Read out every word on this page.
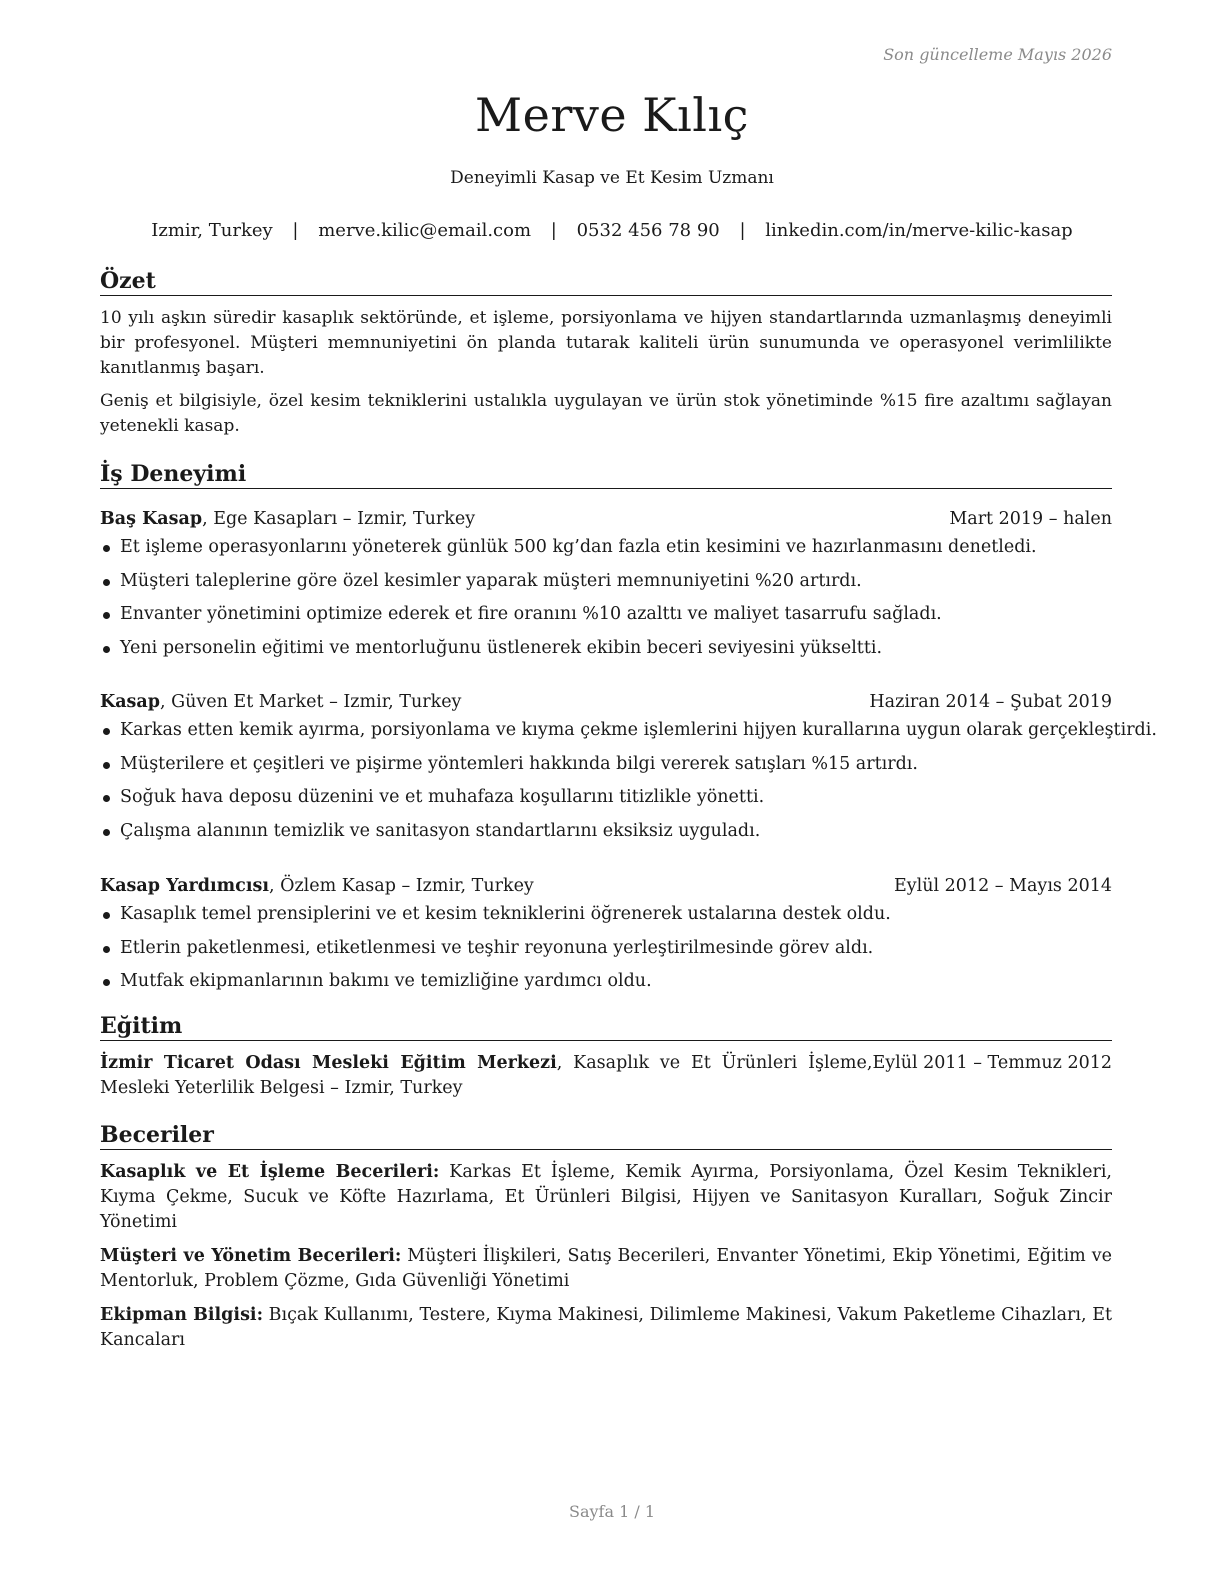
Son güncelleme Mayıs 2026
Merve Kılıç
Deneyimli Kasap ve Et Kesim Uzmanı
Izmir, Turkey | merve.kilic@email.com | 0532 456 78 90 | linkedin.com/in/merve-kilic-kasap
Özet

10 yılı aşkın süredir kasaplık sektöründe, et işleme, porsiyonlama ve hijyen standartlarında uzmanlaşmış deneyimli bir profesyonel. Müşteri memnuniyetini ön planda tutarak kaliteli ürün sunumunda ve operasyonel verimlilikte kanıtlanmış başarı.

Geniş et bilgisiyle, özel kesim tekniklerini ustalıkla uygulayan ve ürün stok yönetiminde %15 fire azaltımı sağlayan yetenekli kasap.

İş Deneyimi
Baş Kasap, Ege Kasapları – Izmir, Turkey	Mart 2019 – halen
Et işleme operasyonlarını yöneterek günlük 500 kg’dan fazla etin kesimini ve hazırlanmasını denetledi.
Müşteri taleplerine göre özel kesimler yaparak müşteri memnuniyetini %20 artırdı.
Envanter yönetimini optimize ederek et fire oranını %10 azalttı ve maliyet tasarrufu sağladı.
Yeni personelin eğitimi ve mentorluğunu üstlenerek ekibin beceri seviyesini yükseltti.
Kasap, Güven Et Market – Izmir, Turkey	Haziran 2014 – Şubat 2019
Karkas etten kemik ayırma, porsiyonlama ve kıyma çekme işlemlerini hijyen kurallarına uygun olarak gerçekleştirdi.
Müşterilere et çeşitleri ve pişirme yöntemleri hakkında bilgi vererek satışları %15 artırdı.
Soğuk hava deposu düzenini ve et muhafaza koşullarını titizlikle yönetti.
Çalışma alanının temizlik ve sanitasyon standartlarını eksiksiz uyguladı.
Kasap Yardımcısı, Özlem Kasap – Izmir, Turkey	Eylül 2012 – Mayıs 2014
Kasaplık temel prensiplerini ve et kesim tekniklerini öğrenerek ustalarına destek oldu.
Etlerin paketlenmesi, etiketlenmesi ve teşhir reyonuna yerleştirilmesinde görev aldı.
Mutfak ekipmanlarının bakımı ve temizliğine yardımcı oldu.
Eğitim
İzmir Ticaret Odası Mesleki Eğitim Merkezi, Kasaplık ve Et Ürünleri İşleme, Mesleki Yeterlilik Belgesi – Izmir, Turkey
Eylül 2011 – Temmuz 2012
Beceriler

Kasaplık ve Et İşleme Becerileri: Karkas Et İşleme, Kemik Ayırma, Porsiyonlama, Özel Kesim Teknikleri, Kıyma Çekme, Sucuk ve Köfte Hazırlama, Et Ürünleri Bilgisi, Hijyen ve Sanitasyon Kuralları, Soğuk Zincir Yönetimi

Müşteri ve Yönetim Becerileri: Müşteri İlişkileri, Satış Becerileri, Envanter Yönetimi, Ekip Yönetimi, Eğitim ve Mentorluk, Problem Çözme, Gıda Güvenliği Yönetimi

Ekipman Bilgisi: Bıçak Kullanımı, Testere, Kıyma Makinesi, Dilimleme Makinesi, Vakum Paketleme Cihazları, Et Kancaları

Sayfa 1 / 1
